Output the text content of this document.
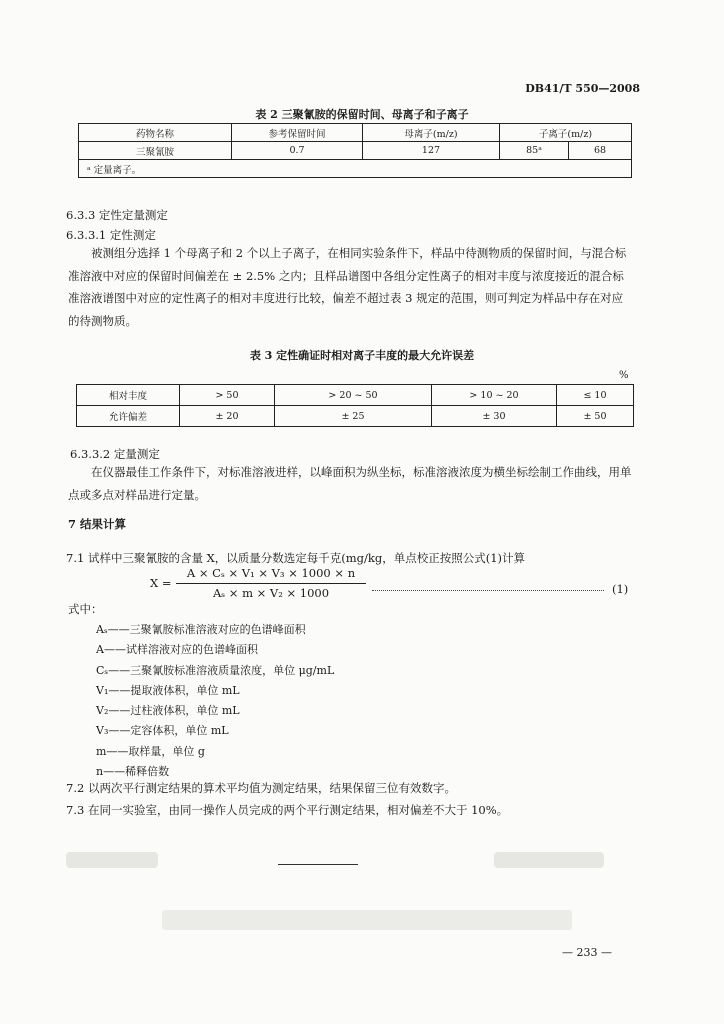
DB41/T 550—2008
表 2 三聚氰胺的保留时间、母离子和子离子
药物名称	参考保留时间	母离子(m/z)	子离子(m/z)	
三聚氰胺	0.7	127	85ᵃ	68
ᵃ 定量离子。				
6.3.3 定性定量测定
6.3.3.1 定性测定
被测组分选择 1 个母离子和 2 个以上子离子，在相同实验条件下，样品中待测物质的保留时间，与混合标准溶液中对应的保留时间偏差在 ± 2.5% 之内；且样品谱图中各组分定性离子的相对丰度与浓度接近的混合标准溶液谱图中对应的定性离子的相对丰度进行比较，偏差不超过表 3 规定的范围，则可判定为样品中存在对应的待测物质。
表 3 定性确证时相对离子丰度的最大允许误差
%
相对丰度	> 50	> 20 ~ 50	> 10 ~ 20	≤ 10
允许偏差	± 20	± 25	± 30	± 50
6.3.3.2 定量测定
在仪器最佳工作条件下，对标准溶液进样，以峰面积为纵坐标，标准溶液浓度为横坐标绘制工作曲线，用单点或多点对样品进行定量。
7 结果计算
7.1 试样中三聚氰胺的含量 X，以质量分数选定每千克(mg/kg，单点校正按照公式(1)计算
X =
A × Cₛ × V₁ × V₃ × 1000 × n
Aₛ × m × V₂ × 1000	(1)
式中：
Aₛ——三聚氰胺标准溶液对应的色谱峰面积
A——试样溶液对应的色谱峰面积
Cₛ——三聚氰胺标准溶液质量浓度，单位 μg/mL
V₁——提取液体积，单位 mL
V₂——过柱液体积，单位 mL
V₃——定容体积，单位 mL
m——取样量，单位 g
n——稀释倍数
7.2 以两次平行测定结果的算术平均值为测定结果，结果保留三位有效数字。
7.3 在同一实验室，由同一操作人员完成的两个平行测定结果，相对偏差不大于 10%。
— 233 —
